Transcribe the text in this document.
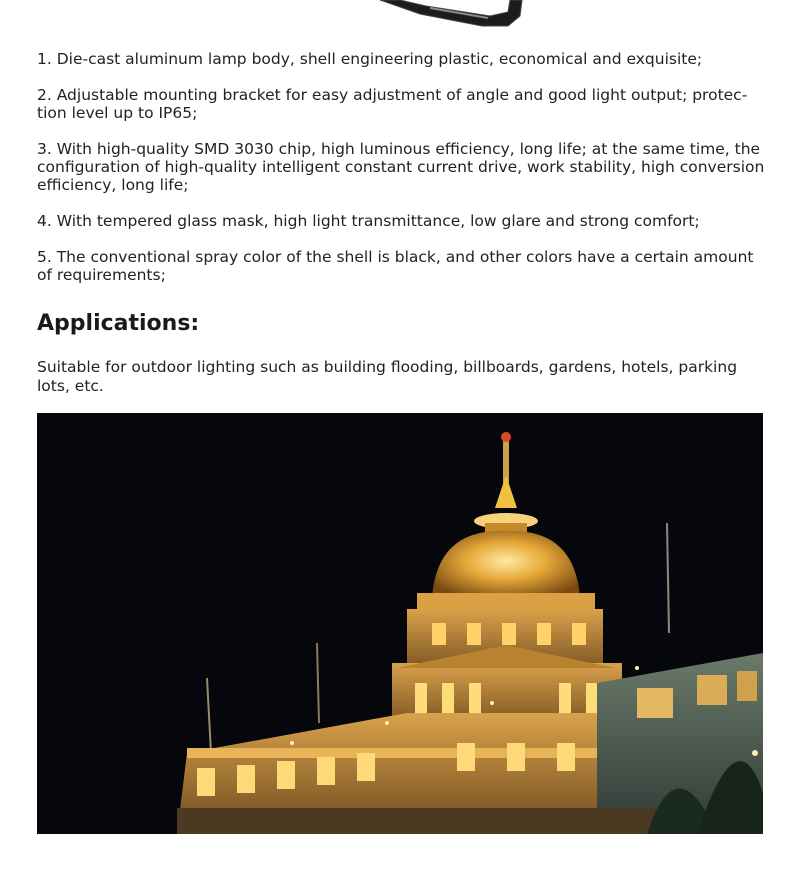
1. Die-cast aluminum lamp body, shell engineering plastic, economical and exquisite;

2. Adjustable mounting bracket for easy adjustment of angle and good light output; protec-tion level up to IP65;

3. With high-quality SMD 3030 chip, high luminous efficiency, long life; at the same time, the configuration of high-quality intelligent constant current drive, work stability, high conversion efficiency, long life;

4. With tempered glass mask, high light transmittance, low glare and strong comfort;

5. The conventional spray color of the shell is black, and other colors have a certain amount of requirements;

Applications:

Suitable for outdoor lighting such as building flooding, billboards, gardens, hotels, parking lots, etc.
